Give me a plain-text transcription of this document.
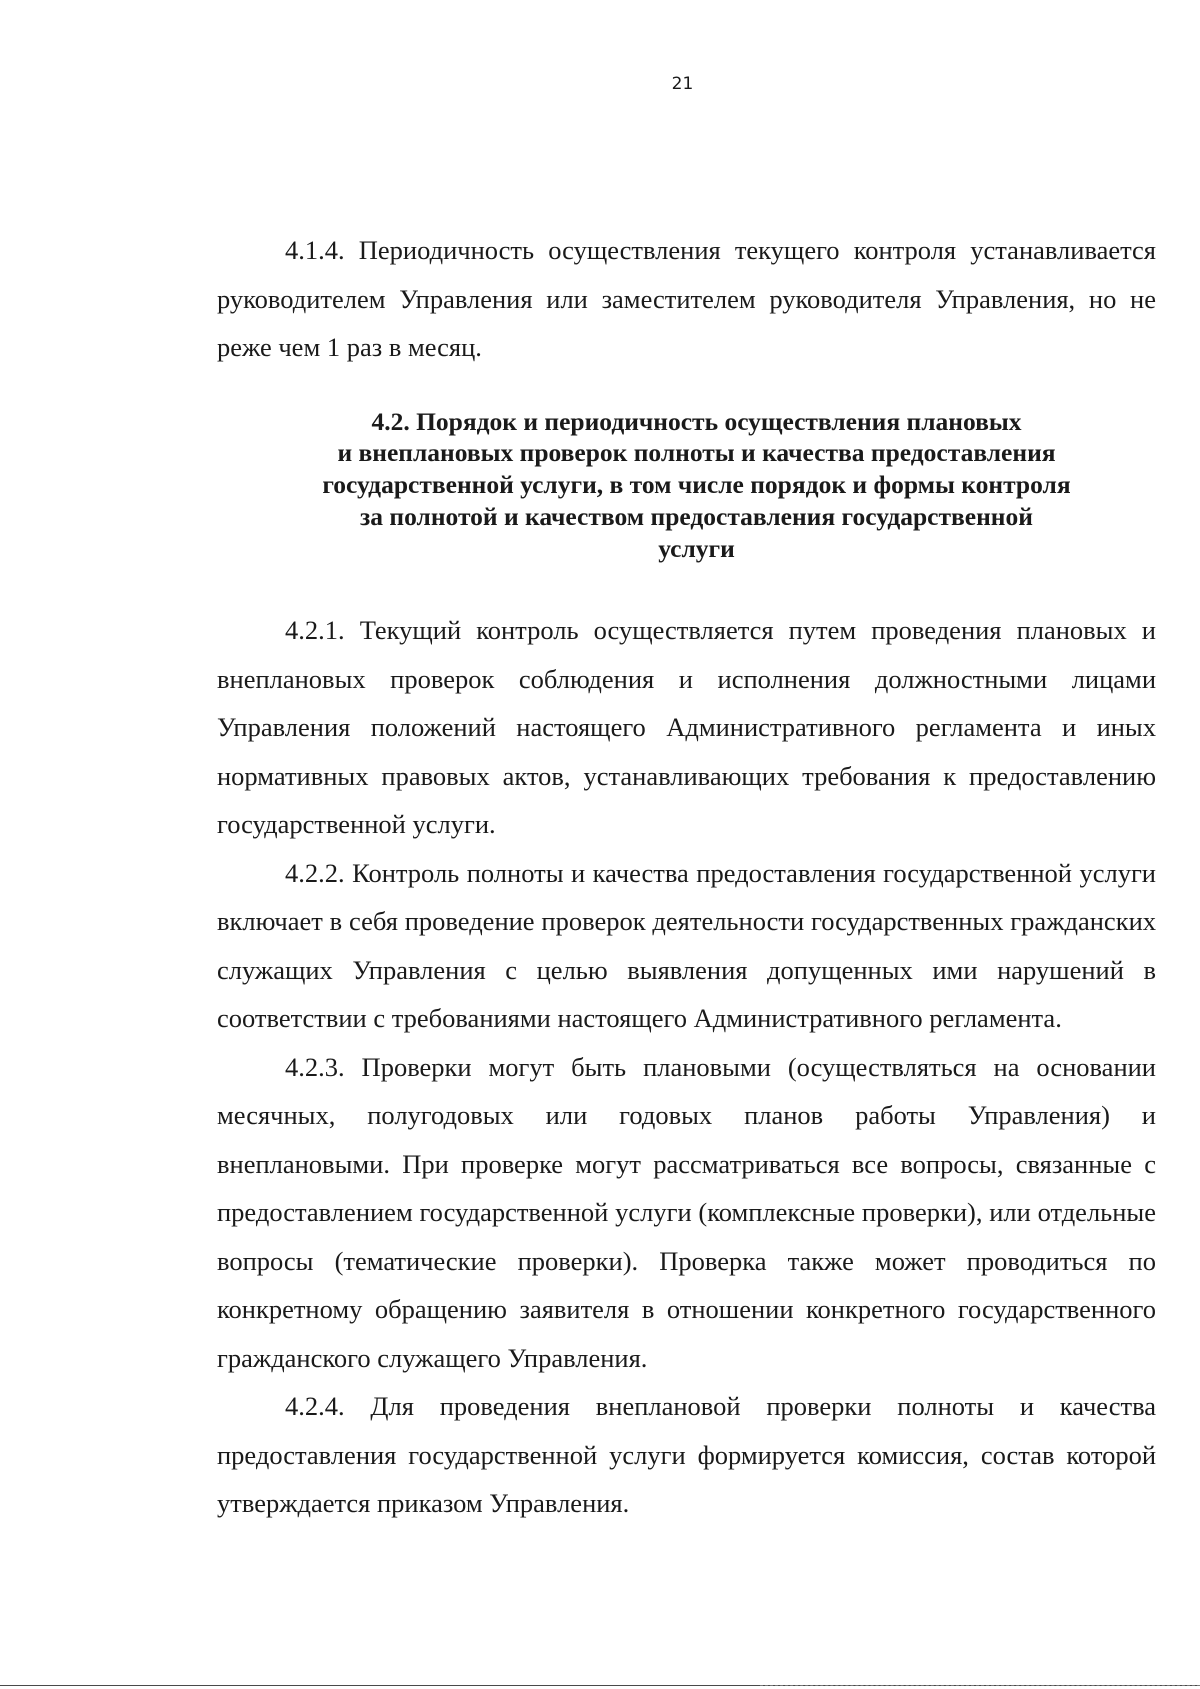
21

4.1.4. Периодичность осуществления текущего контроля устанавливается руководителем Управления или заместителем руководителя Управления, но не реже чем 1 раз в месяц.

4.2. Порядок и периодичность осуществления плановых
и внеплановых проверок полноты и качества предоставления
государственной услуги, в том числе порядок и формы контроля
за полнотой и качеством предоставления государственной
услуги

4.2.1. Текущий контроль осуществляется путем проведения плановых и внеплановых проверок соблюдения и исполнения должностными лицами Управления положений настоящего Административного регламента и иных нормативных правовых актов, устанавливающих требования к предоставлению государственной услуги.

4.2.2. Контроль полноты и качества предоставления государственной услуги включает в себя проведение проверок деятельности государственных гражданских служащих Управления с целью выявления допущенных ими нарушений в соответствии с требованиями настоящего Административного регламента.

4.2.3. Проверки могут быть плановыми (осуществляться на основании месячных, полугодовых или годовых планов работы Управления) и внеплановыми. При проверке могут рассматриваться все вопросы, связанные с предоставлением государственной услуги (комплексные проверки), или отдельные вопросы (тематические проверки). Проверка также может проводиться по конкретному обращению заявителя в отношении конкретного государственного гражданского служащего Управления.

4.2.4. Для проведения внеплановой проверки полноты и качества предоставления государственной услуги формируется комиссия, состав которой утверждается приказом Управления.
